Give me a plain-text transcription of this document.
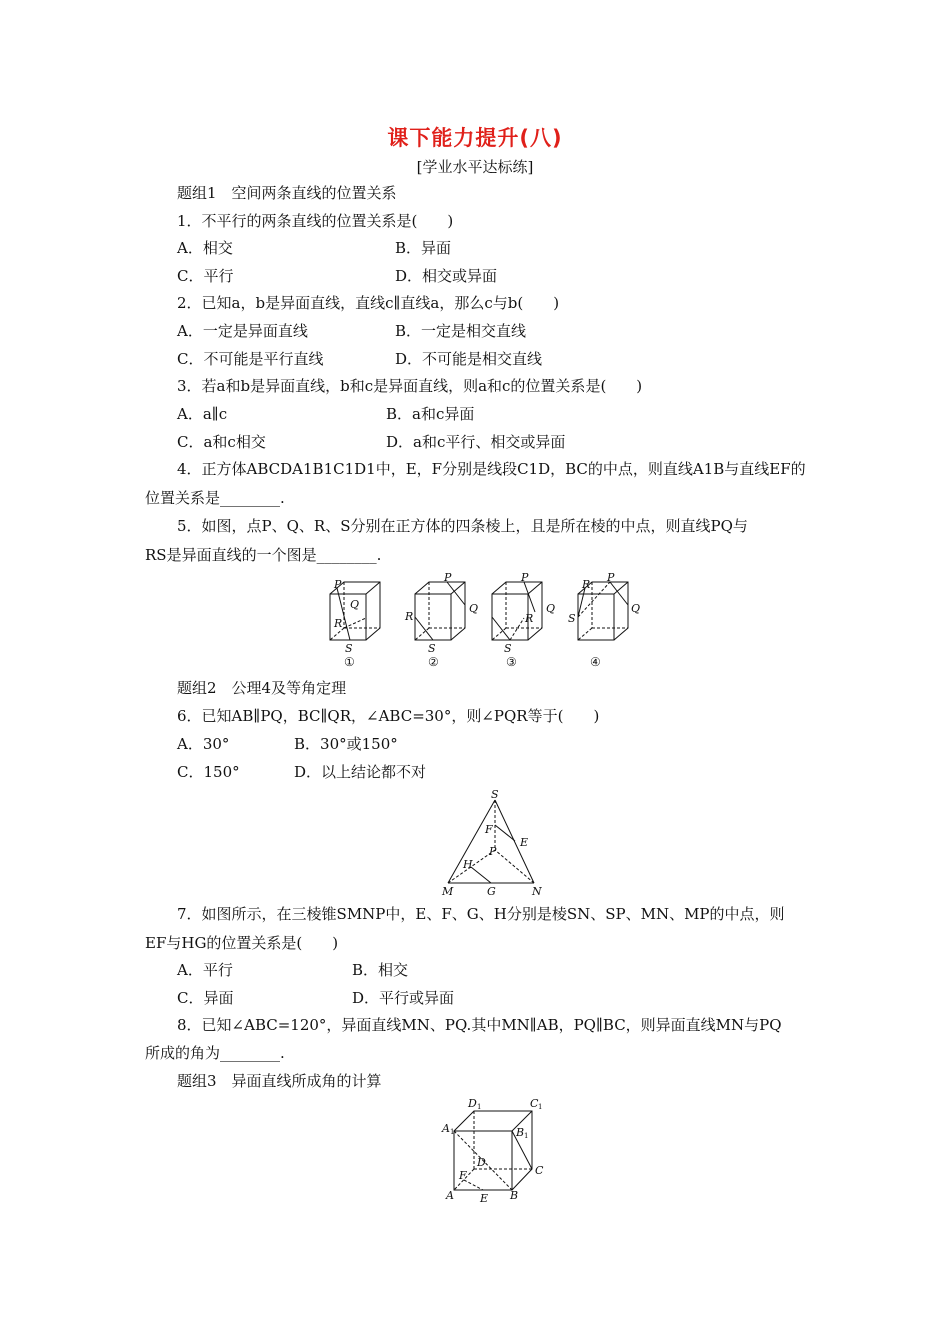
课下能力提升(八)
[学业水平达标练]
题组1　空间两条直线的位置关系
1．不平行的两条直线的位置关系是(　　)
A．相交	B．异面
C．平行	D．相交或异面
2．已知a，b是异面直线，直线c∥直线a，那么c与b(　　)
A．一定是异面直线	B．一定是相交直线
C．不可能是平行直线	D．不可能是相交直线
3．若a和b是异面直线，b和c是异面直线，则a和c的位置关系是(　　)
A．a∥c	B．a和c异面
C．a和c相交	D．a和c平行、相交或异面
4．正方体ABCDA1B1C1D1中，E，F分别是线段C1D，BC的中点，则直线A1B与直线EF的
位置关系是________.
5．如图，点P、Q、R、S分别在正方体的四条棱上，且是所在棱的中点，则直线PQ与
RS是异面直线的一个图是________.
P
Q
R
S
①
P
Q
R
S
②
P
Q
R
S
③
R
P
Q
S
④
题组2　公理4及等角定理
6．已知AB∥PQ，BC∥QR，∠ABC=30°，则∠PQR等于(　　)
A．30°	B．30°或150°
C．150°	D．以上结论都不对
S
F
E
P
H
M	G	N
7．如图所示，在三棱锥SMNP中，E、F、G、H分别是棱SN、SP、MN、MP的中点，则
EF与HG的位置关系是(　　)
A．平行	B．相交
C．异面	D．平行或异面
8．已知∠ABC=120°，异面直线MN、PQ.其中MN∥AB，PQ∥BC，则异面直线MN与PQ
所成的角为________.
题组3　异面直线所成角的计算
D 1	C 1
A 1	B 1
D
C
F
A E B
